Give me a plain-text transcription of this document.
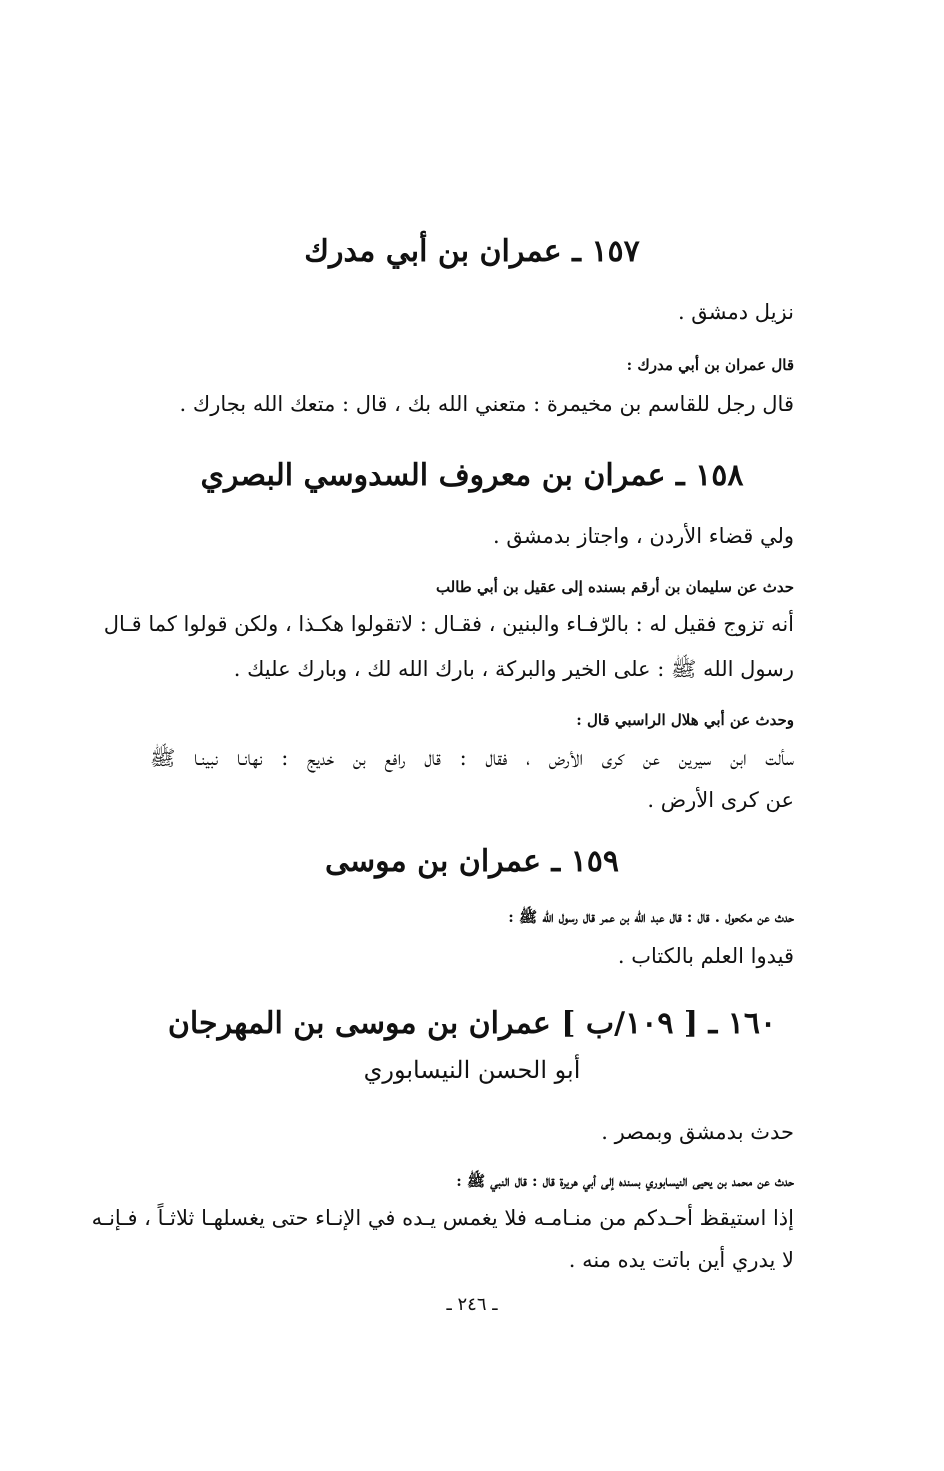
١٥٧ ـ عمران بن أبي مدرك
نزيل دمشق .
قال عمران بن أبي مدرك :
قال رجل للقاسم بن مخيمرة : متعني الله بك ، قال : متعك الله بجارك .
١٥٨ ـ عمران بن معروف السدوسي البصري
ولي قضاء الأردن ، واجتاز بدمشق .
حدث عن سليمان بن أرقم بسنده إلى عقيل بن أبي طالب
أنه تزوج فقيل له : بالرّفـاء والبنين ، فقـال : لاتقولوا هكـذا ، ولكن قولوا كما قـال
رسول الله ﷺ : على الخير والبركة ، بارك الله لك ، وبارك عليك .
وحدث عن أبي هلال الراسبي قال :
سألت ابن سيرين عن كرى الأرض ، فقال : قال رافع بن خديج : نهانـا نبينـا ﷺ
عن كرى الأرض .
١٥٩ ـ عمران بن موسى
حدث عن مكحول . قال : قال عبد الله بن عمر قال رسول الله ﷺ :
قيدوا العلم بالكتاب .
١٦٠ ـ [ ١٠٩/ب ] عمران بن موسى بن المهرجان
أبو الحسن النيسابوري
حدث بدمشق وبمصر .
حدث عن محمد بن يحيى النيسابوري بسنده إلى أبي هريرة قال : قال النبي ﷺ :
إذا استيقظ أحـدكم من منـامـه فلا يغمس يـده في الإنـاء حتى يغسلهـا ثلاثـاً ، فـإنـه
لا يدري أين باتت يده منه .
ـ ٢٤٦ ـ
